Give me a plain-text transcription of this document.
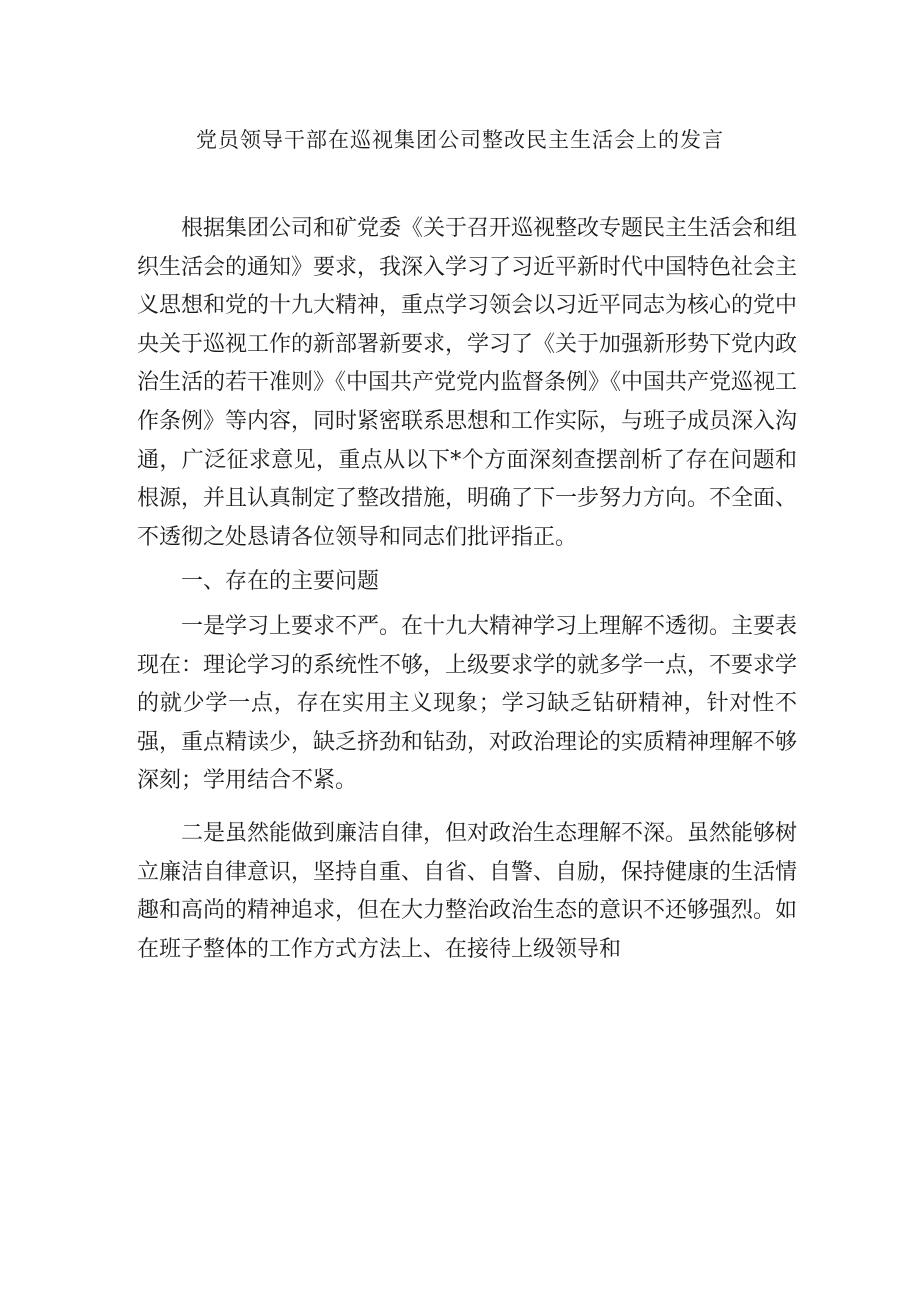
党员领导干部在巡视集团公司整改民主生活会上的发言

根据集团公司和矿党委《关于召开巡视整改专题民主生活会和组织生活会的通知》要求，我深入学习了习近平新时代中国特色社会主义思想和党的十九大精神，重点学习领会以习近平同志为核心的党中央关于巡视工作的新部署新要求，学习了《关于加强新形势下党内政治生活的若干准则》《中国共产党党内监督条例》《中国共产党巡视工作条例》等内容，同时紧密联系思想和工作实际，与班子成员深入沟通，广泛征求意见，重点从以下*个方面深刻查摆剖析了存在问题和根源，并且认真制定了整改措施，明确了下一步努力方向。不全面、不透彻之处恳请各位领导和同志们批评指正。

一、存在的主要问题

一是学习上要求不严。在十九大精神学习上理解不透彻。主要表现在：理论学习的系统性不够，上级要求学的就多学一点，不要求学的就少学一点，存在实用主义现象；学习缺乏钻研精神，针对性不强，重点精读少，缺乏挤劲和钻劲，对政治理论的实质精神理解不够深刻；学用结合不紧。

二是虽然能做到廉洁自律，但对政治生态理解不深。虽然能够树立廉洁自律意识，坚持自重、自省、自警、自励，保持健康的生活情趣和高尚的精神追求，但在大力整治政治生态的意识不还够强烈。如在班子整体的工作方式方法上、在接待上级领导和
